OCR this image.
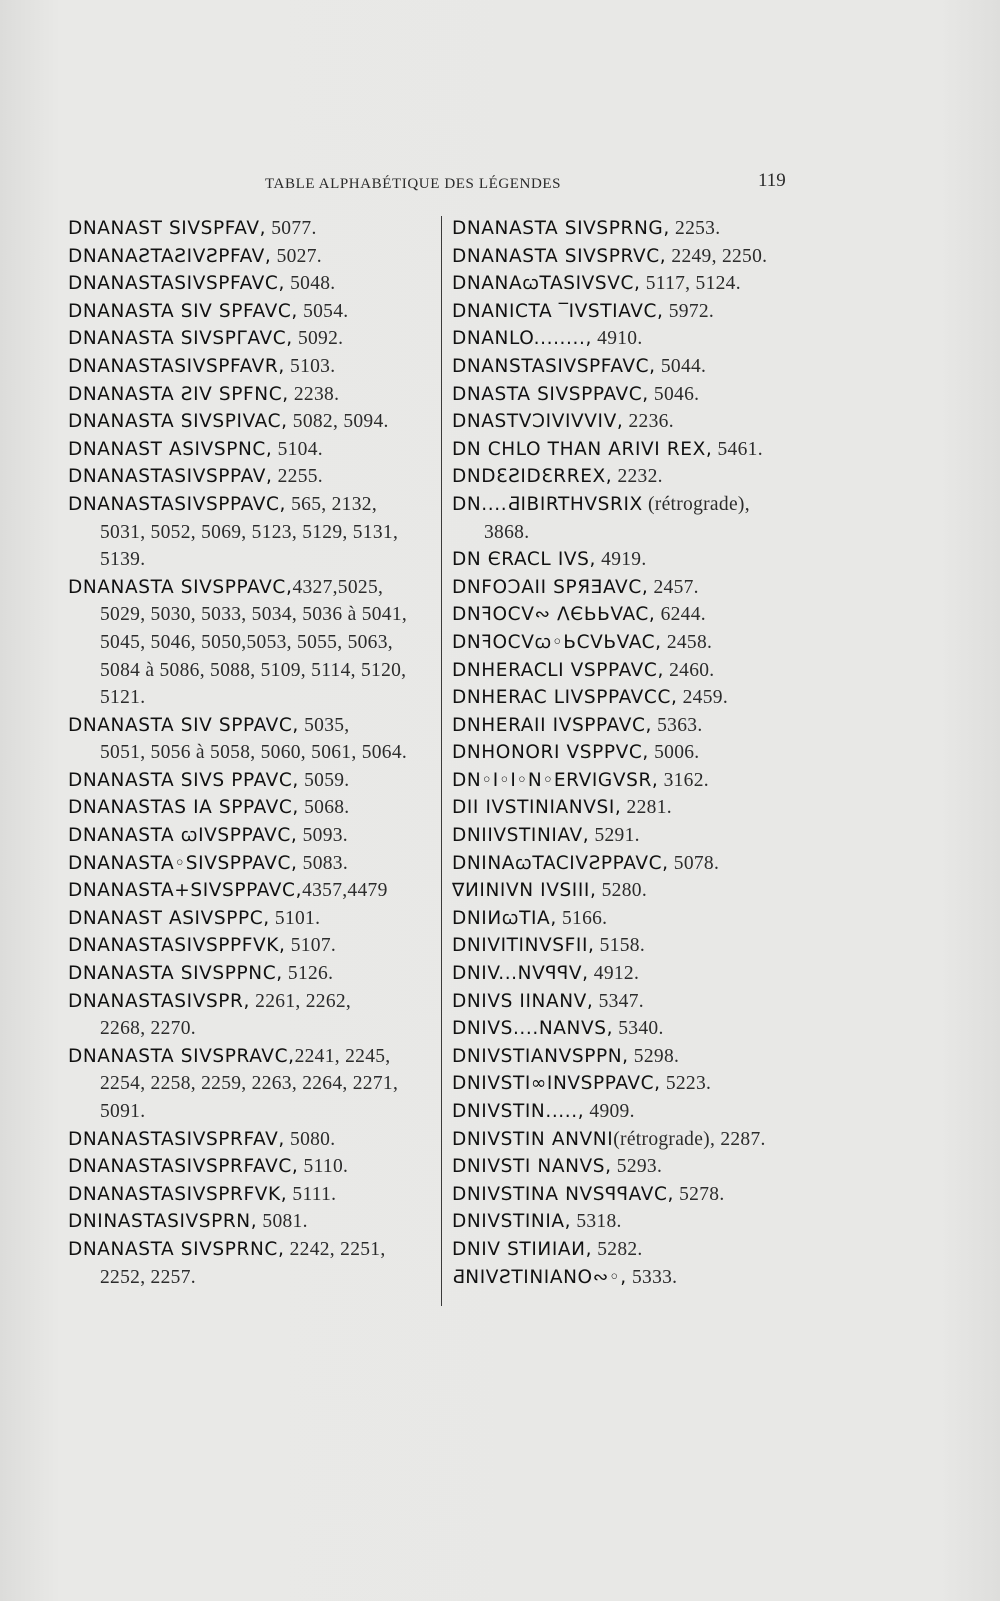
TABLE ALPHABÉTIQUE DES LÉGENDES	119
DNANAST SIVSPFAV, 5077.
DNANAƧTAƧIVƧPFAV, 5027.
DNANASTASIVSPFAVC, 5048.
DNANASTA SIV SPFAVC, 5054.
DNANASTA SIVSPΓAVC, 5092.
DNANASTASIVSPFAVR, 5103.
DNANASTA ƧIV SPFNC, 2238.
DNANASTA SIVSPIVAC, 5082, 5094.
DNANAST ASIVSPNC, 5104.
DNANASTASIVSPPAV, 2255.
DNANASTASIVSPPAVC, 565, 2132,
5031, 5052, 5069, 5123, 5129, 5131,
5139.
DNANASTA SIVSPPAVC,4327,5025,
5029, 5030, 5033, 5034, 5036 à 5041,
5045, 5046, 5050,5053, 5055, 5063,
5084 à 5086, 5088, 5109, 5114, 5120,
5121.
DNANASTA SIV SPPAVC, 5035,
5051, 5056 à 5058, 5060, 5061, 5064.
DNANASTA SIVS PPAVC, 5059.
DNANASTAS IA SPPAVC, 5068.
DNANASTA ꞷIVSPPAVC, 5093.
DNANASTA◦SIVSPPAVC, 5083.
DNANASTA+SIVSPPAVC,4357,4479
DNANAST ASIVSPPC, 5101.
DNANASTASIVSPPFVK, 5107.
DNANASTA SIVSPPNC, 5126.
DNANASTASIVSPR, 2261, 2262,
2268, 2270.
DNANASTA SIVSPRAVC,2241, 2245,
2254, 2258, 2259, 2263, 2264, 2271,
5091.
DNANASTASIVSPRFAV, 5080.
DNANASTASIVSPRFAVC, 5110.
DNANASTASIVSPRFVK, 5111.
DNINASTASIVSPRN, 5081.
DNANASTA SIVSPRNC, 2242, 2251,
2252, 2257.
DNANASTA SIVSPRNG, 2253.
DNANASTA SIVSPRVC, 2249, 2250.
DNANAꞷTASIVSVC, 5117, 5124.
DNANICTA ‾IVSTIAVC, 5972.
DNANLO........, 4910.
DNANSTASIVSPFAVC, 5044.
DNASTA SIVSPPAVC, 5046.
DNASTVƆIVIVVIV, 2236.
DN CHLO THAN ARIVI REX, 5461.
DNDƐƧIDƐRREX, 2232.
DN....ƋIBIRTHVSRIX (rétrograde),
3868.
DN ЄRACL IVS, 4919.
DNFOƆAII SPЯƎAVC, 2457.
DNꟻOCV∾ ΛЄЬЬVAC, 6244.
DNꟻOCVꞷ◦ЬCVЬVAC, 2458.
DNHERACLI VSPPAVC, 2460.
DNHERAC LIVSPPAVCC, 2459.
DNHERAII IVSPPAVC, 5363.
DNHONORI VSPPVC, 5006.
DN◦I◦I◦N◦ERVIGVSR, 3162.
DII IVSTINIANVSI, 2281.
DNIIVSTINIAV, 5291.
DNINAꞷTACIVƧPPAVC, 5078.
∇ИINIVN IVSIII, 5280.
DNIИꞷTIA, 5166.
DNIVITINVSFII, 5158.
DNIV...NVꟼꟼV, 4912.
DNIVS IINANV, 5347.
DNIVS....NANVS, 5340.
DNIVSTIANVSPPN, 5298.
DNIVSTI∞INVSPPAVC, 5223.
DNIVSTIN....., 4909.
DNIVSTIN ANVNI(rétrograde), 2287.
DNIVSTI NANVS, 5293.
DNIVSTINA NVSꟼꟼAVC, 5278.
DNIVSTINIA, 5318.
DNIV STIИIAИ, 5282.
ƋNIVƧTINIANO∾◦, 5333.
